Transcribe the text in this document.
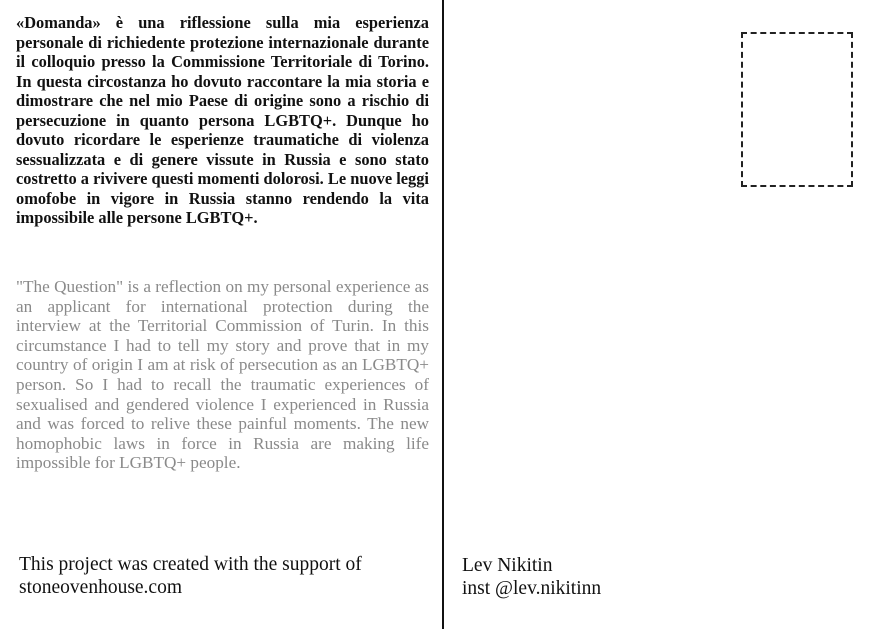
«Domanda» è una riflessione sulla mia esperienza personale di richiedente protezione internazionale durante il colloquio presso la Commissione Territoriale di Torino. In questa circostanza ho dovuto raccontare la mia storia e dimostrare che nel mio Paese di origine sono a rischio di persecuzione in quanto persona LGBTQ+. Dunque ho dovuto ricordare le esperienze traumatiche di violenza sessualizzata e di genere vissute in Russia e sono stato costretto a rivivere questi momenti dolorosi. Le nuove leggi omofobe in vigore in Russia stanno rendendo la vita impossibile alle persone LGBTQ+.

"The Question" is a reflection on my personal experience as an applicant for international protection during the interview at the Territorial Commission of Turin. In this circumstance I had to tell my story and prove that in my country of origin I am at risk of persecution as an LGBTQ+ person. So I had to recall the traumatic experiences of sexualised and gendered violence I experienced in Russia and was forced to relive these painful moments. The new homophobic laws in force in Russia are making life impossible for LGBTQ+ people.

This project was created with the support of
stoneovenhouse.com

Lev Nikitin
inst @lev.nikitinn
